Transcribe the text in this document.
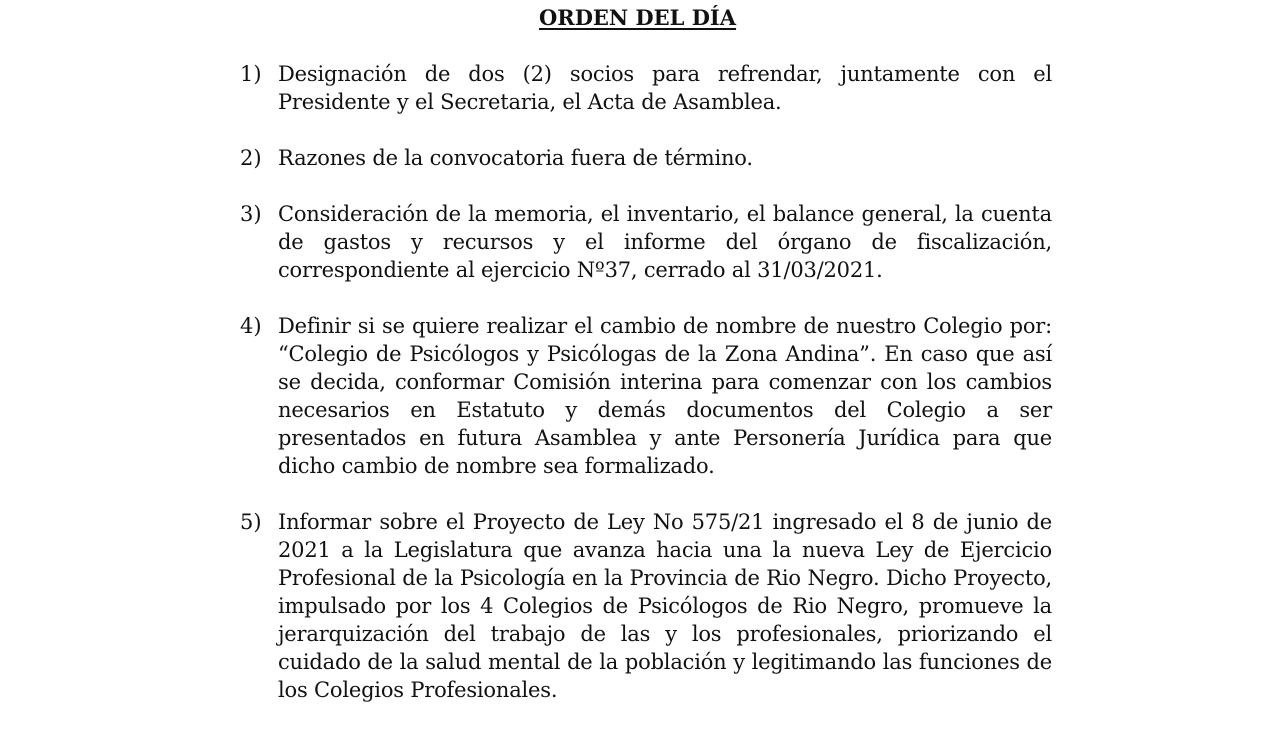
ORDEN DEL DÍA
1) Designación de dos (2) socios para refrendar, juntamente con el Presidente y el Secretaria, el Acta de Asamblea.
2) Razones de la convocatoria fuera de término.
3) Consideración de la memoria, el inventario, el balance general, la cuenta de gastos y recursos y el informe del órgano de fiscalización, correspondiente al ejercicio Nº37, cerrado al 31/03/2021.
4) Definir si se quiere realizar el cambio de nombre de nuestro Colegio por: “Colegio de Psicólogos y Psicólogas de la Zona Andina”. En caso que así se decida, conformar Comisión interina para comenzar con los cambios necesarios en Estatuto y demás documentos del Colegio a ser presentados en futura Asamblea y ante Personería Jurídica para que dicho cambio de nombre sea formalizado.
5) Informar sobre el Proyecto de Ley No 575/21 ingresado el 8 de junio de 2021 a la Legislatura que avanza hacia una la nueva Ley de Ejercicio Profesional de la Psicología en la Provincia de Rio Negro. Dicho Proyecto, impulsado por los 4 Colegios de Psicólogos de Rio Negro, promueve la jerarquización del trabajo de las y los profesionales, priorizando el cuidado de la salud mental de la población y legitimando las funciones de los Colegios Profesionales.
